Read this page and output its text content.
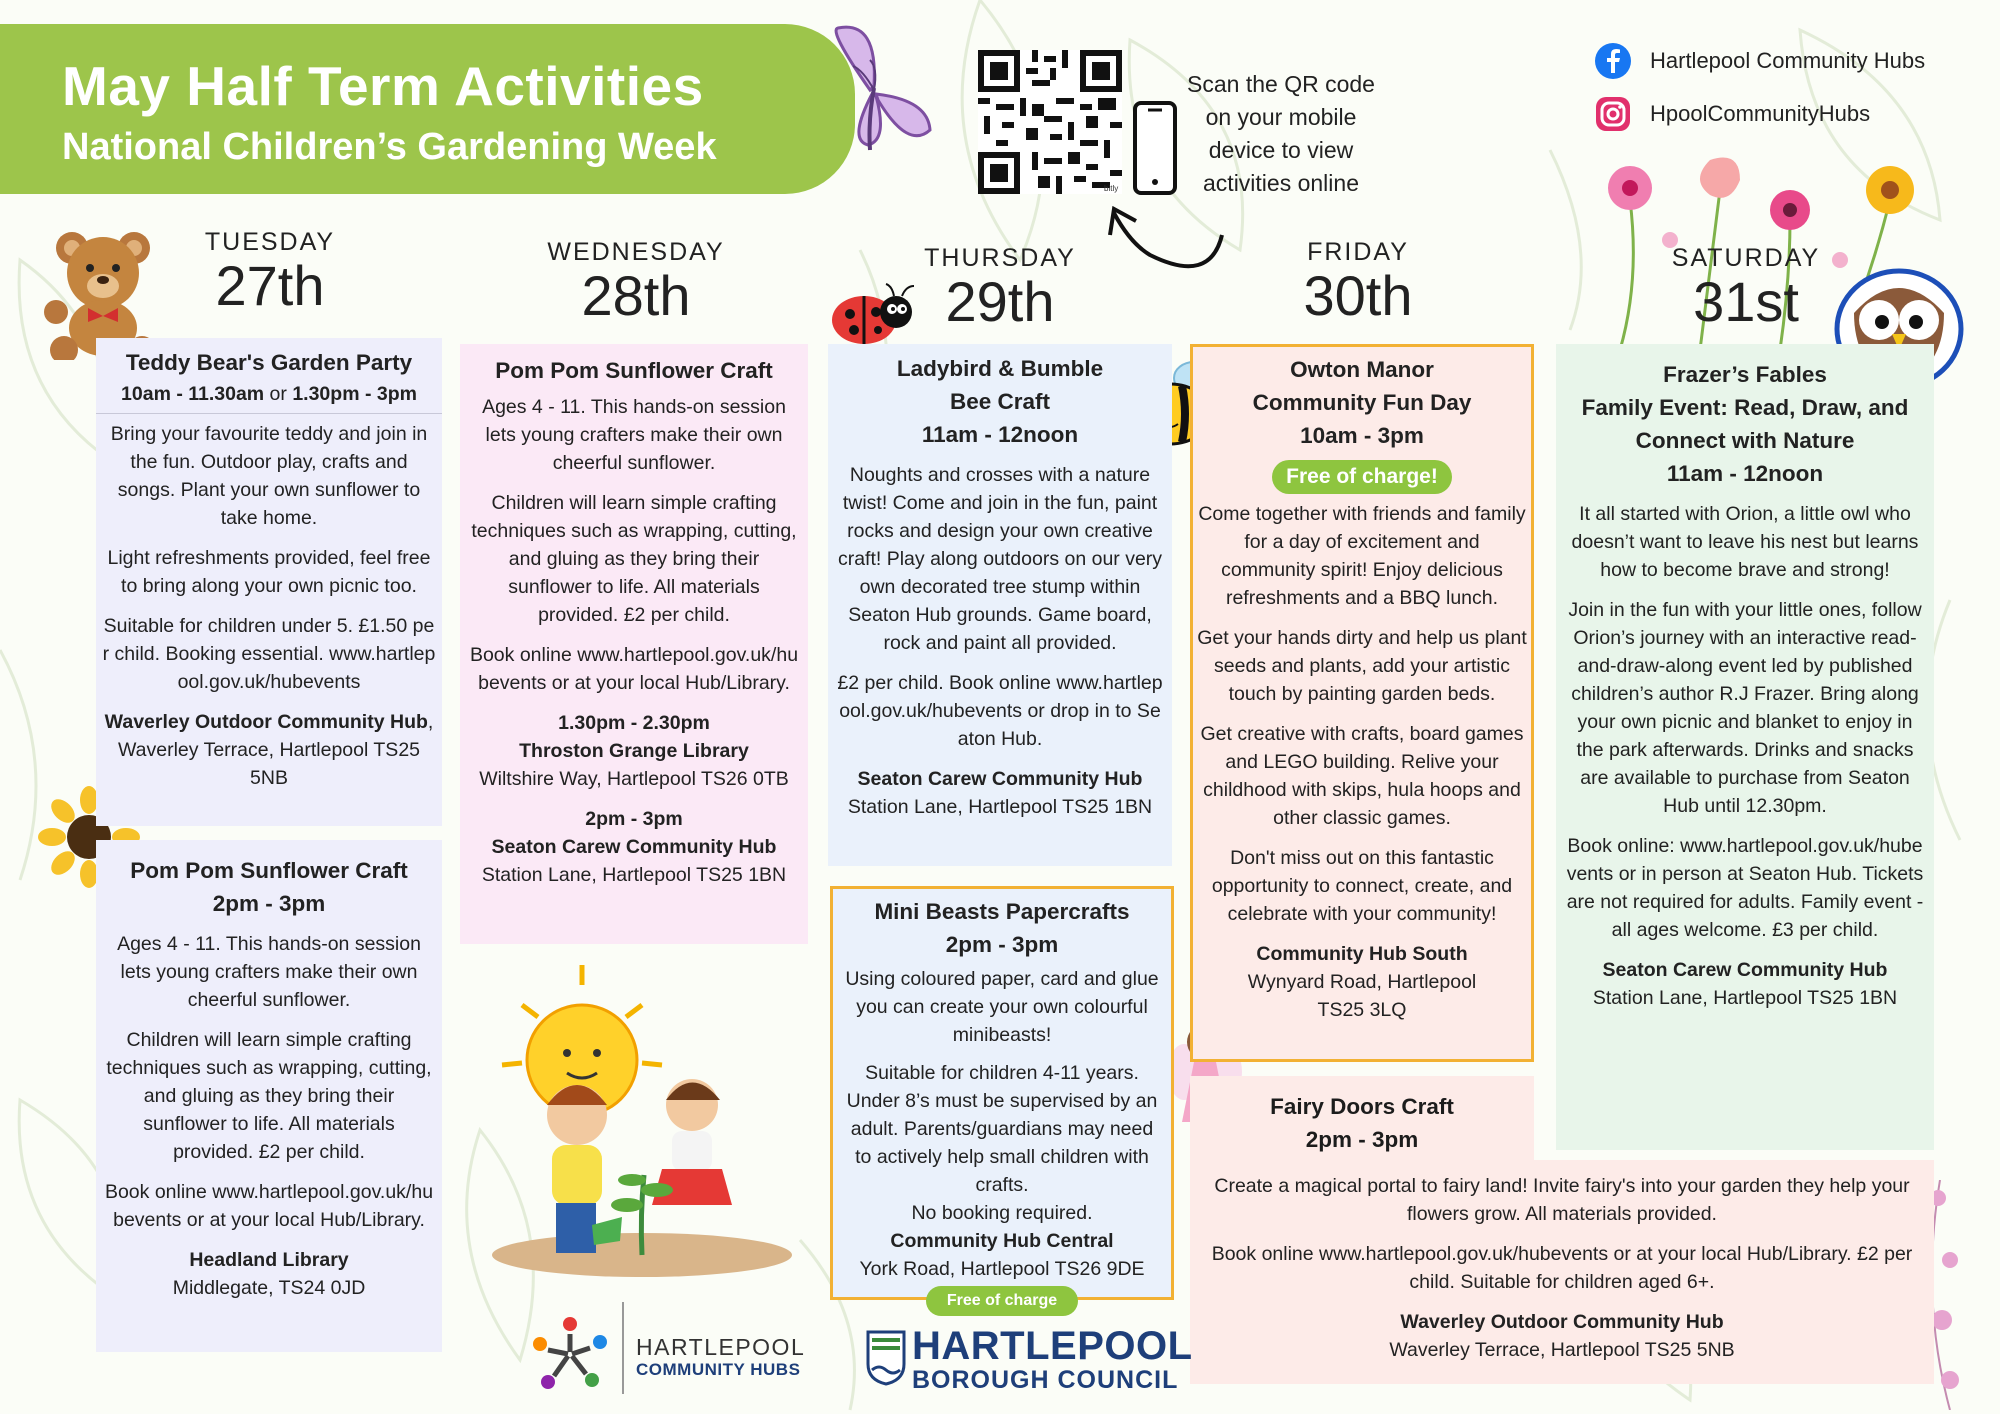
May Half Term Activities
National Children’s Gardening Week
bitly
Scan the QR code
on your mobile
device to view
activities online
Hartlepool Community Hubs
HpoolCommunityHubs
TUESDAY
27th
WEDNESDAY
28th
THURSDAY
29th
FRIDAY
30th
SATURDAY
31st
Teddy Bear's Garden Party
10am - 11.30am or 1.30pm - 3pm

Bring your favourite teddy and join in the fun. Outdoor play, crafts and songs. Plant your own sunflower to take home.

Light refreshments provided, feel free to bring along your own picnic too.

Suitable for children under 5. £1.50 per child. Booking essential. www.hartlepool.gov.uk/hubevents

Waverley Outdoor Community Hub, Waverley Terrace, Hartlepool TS25 5NB

Pom Pom Sunflower Craft
2pm - 3pm

Ages 4 - 11. This hands-on session lets young crafters make their own cheerful sunflower.

Children will learn simple crafting techniques such as wrapping, cutting, and gluing as they bring their sunflower to life. All materials provided. £2 per child.

Book online www.hartlepool.gov.uk/hubevents or at your local Hub/Library.

Headland Library
Middlegate, TS24 0JD
Pom Pom Sunflower Craft

Ages 4 - 11. This hands-on session lets young crafters make their own cheerful sunflower.

Children will learn simple crafting techniques such as wrapping, cutting, and gluing as they bring their sunflower to life. All materials provided. £2 per child.

Book online www.hartlepool.gov.uk/hubevents or at your local Hub/Library.

1.30pm - 2.30pm
Throston Grange Library
Wiltshire Way, Hartlepool TS26 0TB
2pm - 3pm
Seaton Carew Community Hub
Station Lane, Hartlepool TS25 1BN
Ladybird & Bumble
Bee Craft
11am - 12noon

Noughts and crosses with a nature twist! Come and join in the fun, paint rocks and design your own creative craft! Play along outdoors on our very own decorated tree stump within Seaton Hub grounds. Game board, rock and paint all provided.

£2 per child. Book online www.hartlepool.gov.uk/hubevents or drop in to Seaton Hub.

Seaton Carew Community Hub
Station Lane, Hartlepool TS25 1BN
Mini Beasts Papercrafts
2pm - 3pm

Using coloured paper, card and glue you can create your own colourful minibeasts!

Suitable for children 4-11 years. Under 8’s must be supervised by an adult. Parents/guardians may need to actively help small children with crafts.
No booking required.
Community Hub Central
York Road, Hartlepool TS26 9DE
Free of charge
Owton Manor
Community Fun Day
10am - 3pm
Free of charge!

Come together with friends and family for a day of excitement and community spirit! Enjoy delicious refreshments and a BBQ lunch.

Get your hands dirty and help us plant seeds and plants, add your artistic touch by painting garden beds.

Get creative with crafts, board games and LEGO building. Relive your childhood with skips, hula hoops and other classic games.

Don't miss out on this fantastic opportunity to connect, create, and celebrate with your community!

Community Hub South
Wynyard Road, Hartlepool
TS25 3LQ

Create a magical portal to fairy land! Invite fairy's into your garden they help your flowers grow. All materials provided.

Book online www.hartlepool.gov.uk/hubevents or at your local Hub/Library. £2 per child. Suitable for children aged 6+.

Waverley Outdoor Community Hub
Waverley Terrace, Hartlepool TS25 5NB
Fairy Doors Craft
2pm - 3pm
Frazer’s Fables
Family Event: Read, Draw, and
Connect with Nature
11am - 12noon

It all started with Orion, a little owl who doesn’t want to leave his nest but learns how to become brave and strong!

Join in the fun with your little ones, follow Orion’s journey with an interactive read-and-draw-along event led by published children’s author R.J Frazer. Bring along your own picnic and blanket to enjoy in the park afterwards. Drinks and snacks are available to purchase from Seaton Hub until 12.30pm.

Book online: www.hartlepool.gov.uk/hubevents or in person at Seaton Hub. Tickets are not required for adults. Family event - all ages welcome. £3 per child.

Seaton Carew Community Hub
Station Lane, Hartlepool TS25 1BN
HARTLEPOOL
COMMUNITY HUBS
HARTLEPOOL
BOROUGH COUNCIL
